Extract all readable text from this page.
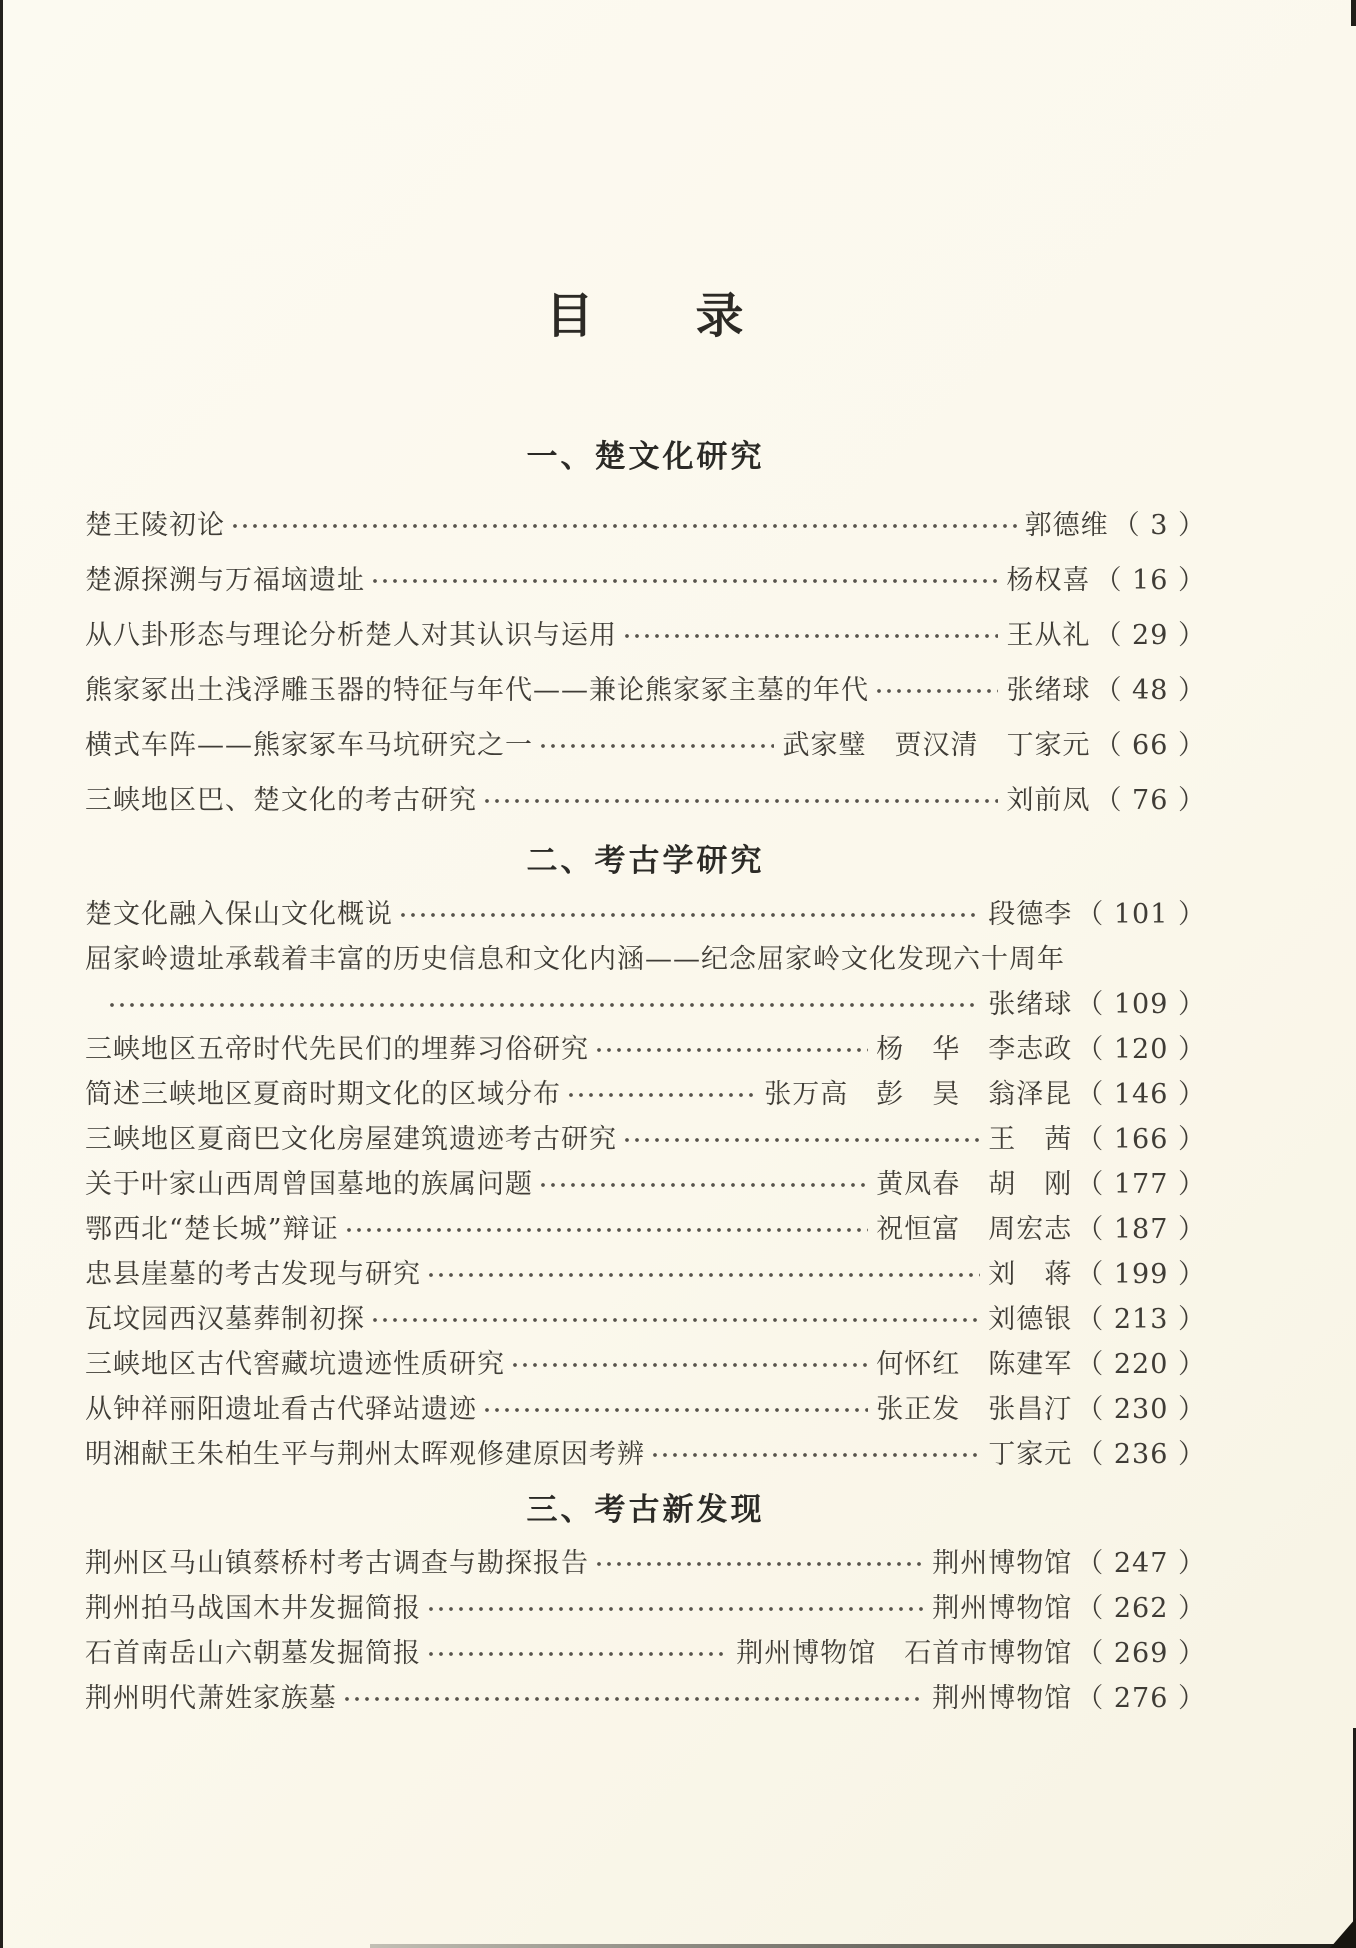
目　　录
一、楚文化研究
楚王陵初论	郭德维 （ 3 ）
楚源探溯与万福垴遗址	杨权喜 （ 16 ）
从八卦形态与理论分析楚人对其认识与运用	王从礼 （ 29 ）
熊家冢出土浅浮雕玉器的特征与年代——兼论熊家冢主墓的年代	张绪球 （ 48 ）
横式车阵——熊家冢车马坑研究之一	武家璧　贾汉清　丁家元 （ 66 ）
三峡地区巴、楚文化的考古研究	刘前凤 （ 76 ）
二、考古学研究
楚文化融入保山文化概说	段德李 （ 101 ）
屈家岭遗址承载着丰富的历史信息和文化内涵——纪念屈家岭文化发现六十周年
张绪球 （ 109 ）
三峡地区五帝时代先民们的埋葬习俗研究	杨　华　李志政 （ 120 ）
简述三峡地区夏商时期文化的区域分布	张万高　彭　昊　翁泽昆 （ 146 ）
三峡地区夏商巴文化房屋建筑遗迹考古研究	王　茜 （ 166 ）
关于叶家山西周曾国墓地的族属问题	黄凤春　胡　刚 （ 177 ）
鄂西北“楚长城”辩证	祝恒富　周宏志 （ 187 ）
忠县崖墓的考古发现与研究	刘　蒋 （ 199 ）
瓦坟园西汉墓葬制初探	刘德银 （ 213 ）
三峡地区古代窖藏坑遗迹性质研究	何怀红　陈建军 （ 220 ）
从钟祥丽阳遗址看古代驿站遗迹	张正发　张昌汀 （ 230 ）
明湘献王朱柏生平与荆州太晖观修建原因考辨	丁家元 （ 236 ）
三、考古新发现
荆州区马山镇蔡桥村考古调查与勘探报告	荆州博物馆 （ 247 ）
荆州拍马战国木井发掘简报	荆州博物馆 （ 262 ）
石首南岳山六朝墓发掘简报	荆州博物馆　石首市博物馆 （ 269 ）
荆州明代萧姓家族墓	荆州博物馆 （ 276 ）
